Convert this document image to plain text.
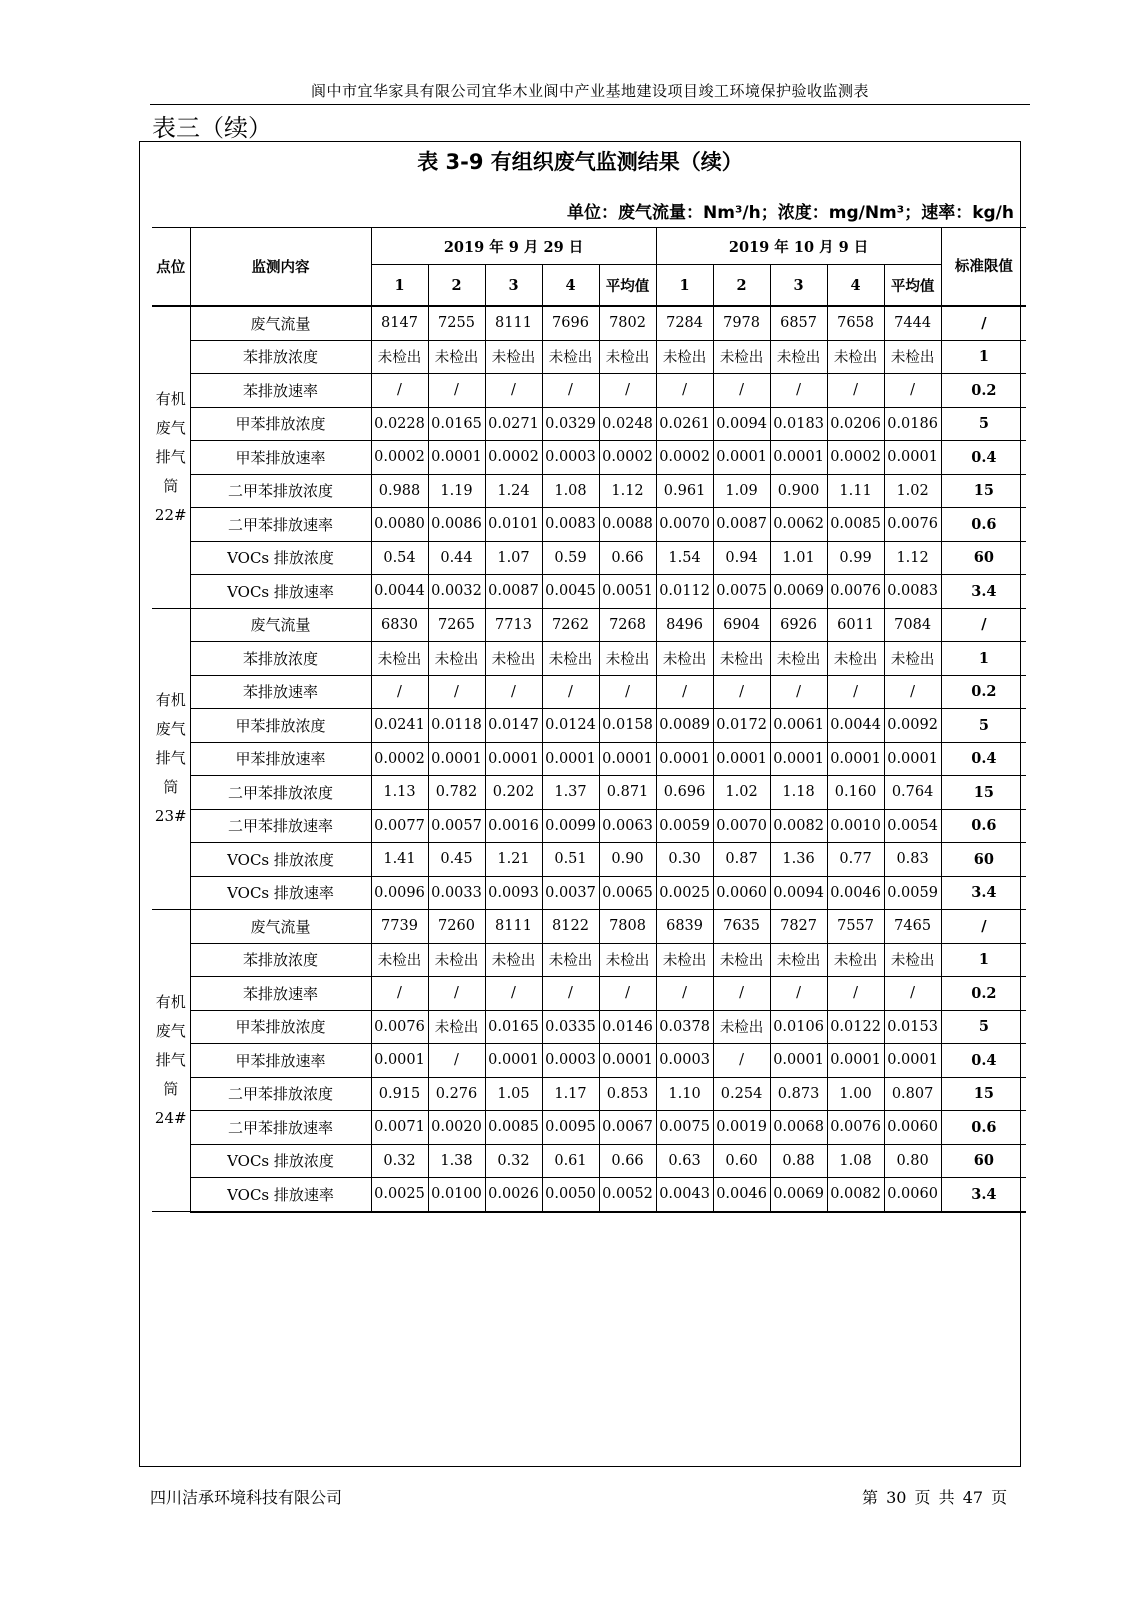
阆中市宜华家具有限公司宜华木业阆中产业基地建设项目竣工环境保护验收监测表
表三（续）
表 3-9 有组织废气监测结果（续）
单位：废气流量：Nm³/h；浓度：mg/Nm³；速率：kg/h
点位	监测内容	2019 年 9 月 29 日					2019 年 10 月 9 日					标准限值
		1	2	3	4	平均值	1	2	3	4	平均值	
有机废气排气筒22#	废气流量	8147	7255	8111	7696	7802	7284	7978	6857	7658	7444	/
	苯排放浓度	未检出	未检出	未检出	未检出	未检出	未检出	未检出	未检出	未检出	未检出	1
	苯排放速率	/	/	/	/	/	/	/	/	/	/	0.2
	甲苯排放浓度	0.0228	0.0165	0.0271	0.0329	0.0248	0.0261	0.0094	0.0183	0.0206	0.0186	5
	甲苯排放速率	0.0002	0.0001	0.0002	0.0003	0.0002	0.0002	0.0001	0.0001	0.0002	0.0001	0.4
	二甲苯排放浓度	0.988	1.19	1.24	1.08	1.12	0.961	1.09	0.900	1.11	1.02	15
	二甲苯排放速率	0.0080	0.0086	0.0101	0.0083	0.0088	0.0070	0.0087	0.0062	0.0085	0.0076	0.6
	VOCs 排放浓度	0.54	0.44	1.07	0.59	0.66	1.54	0.94	1.01	0.99	1.12	60
	VOCs 排放速率	0.0044	0.0032	0.0087	0.0045	0.0051	0.0112	0.0075	0.0069	0.0076	0.0083	3.4
有机废气排气筒23#	废气流量	6830	7265	7713	7262	7268	8496	6904	6926	6011	7084	/
	苯排放浓度	未检出	未检出	未检出	未检出	未检出	未检出	未检出	未检出	未检出	未检出	1
	苯排放速率	/	/	/	/	/	/	/	/	/	/	0.2
	甲苯排放浓度	0.0241	0.0118	0.0147	0.0124	0.0158	0.0089	0.0172	0.0061	0.0044	0.0092	5
	甲苯排放速率	0.0002	0.0001	0.0001	0.0001	0.0001	0.0001	0.0001	0.0001	0.0001	0.0001	0.4
	二甲苯排放浓度	1.13	0.782	0.202	1.37	0.871	0.696	1.02	1.18	0.160	0.764	15
	二甲苯排放速率	0.0077	0.0057	0.0016	0.0099	0.0063	0.0059	0.0070	0.0082	0.0010	0.0054	0.6
	VOCs 排放浓度	1.41	0.45	1.21	0.51	0.90	0.30	0.87	1.36	0.77	0.83	60
	VOCs 排放速率	0.0096	0.0033	0.0093	0.0037	0.0065	0.0025	0.0060	0.0094	0.0046	0.0059	3.4
有机废气排气筒24#	废气流量	7739	7260	8111	8122	7808	6839	7635	7827	7557	7465	/
	苯排放浓度	未检出	未检出	未检出	未检出	未检出	未检出	未检出	未检出	未检出	未检出	1
	苯排放速率	/	/	/	/	/	/	/	/	/	/	0.2
	甲苯排放浓度	0.0076	未检出	0.0165	0.0335	0.0146	0.0378	未检出	0.0106	0.0122	0.0153	5
	甲苯排放速率	0.0001	/	0.0001	0.0003	0.0001	0.0003	/	0.0001	0.0001	0.0001	0.4
	二甲苯排放浓度	0.915	0.276	1.05	1.17	0.853	1.10	0.254	0.873	1.00	0.807	15
	二甲苯排放速率	0.0071	0.0020	0.0085	0.0095	0.0067	0.0075	0.0019	0.0068	0.0076	0.0060	0.6
	VOCs 排放浓度	0.32	1.38	0.32	0.61	0.66	0.63	0.60	0.88	1.08	0.80	60
	VOCs 排放速率	0.0025	0.0100	0.0026	0.0050	0.0052	0.0043	0.0046	0.0069	0.0082	0.0060	3.4
四川洁承环境科技有限公司	第 30 页 共 47 页
